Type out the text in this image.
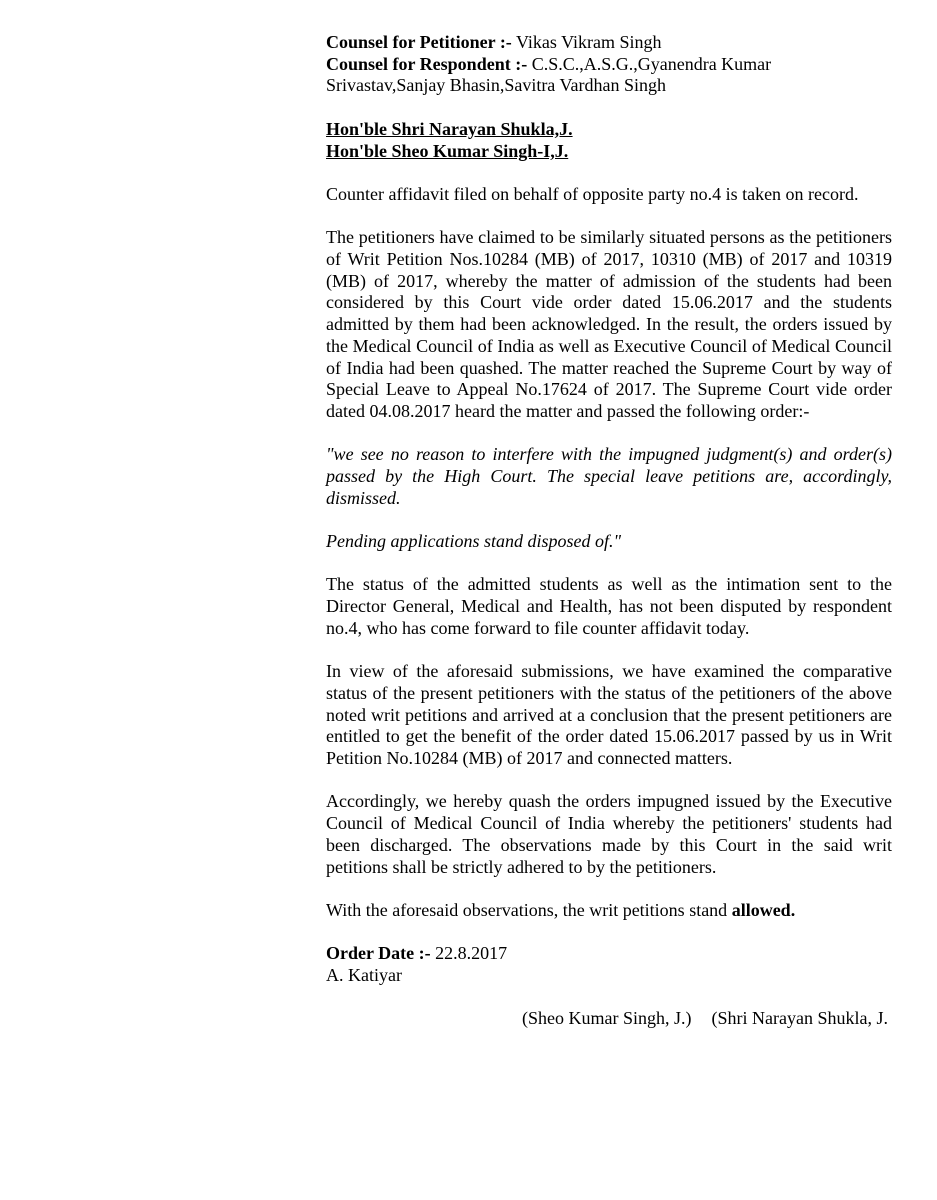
Counsel for Petitioner :- Vikas Vikram Singh
Counsel for Respondent :- C.S.C.,A.S.G.,Gyanendra Kumar Srivastav,Sanjay Bhasin,Savitra Vardhan Singh
Hon'ble Shri Narayan Shukla,J.
Hon'ble Sheo Kumar Singh-I,J.

Counter affidavit filed on behalf of opposite party no.4 is taken on record.

The petitioners have claimed to be similarly situated persons as the petitioners of Writ Petition Nos.10284 (MB) of 2017, 10310 (MB) of 2017 and 10319 (MB) of 2017, whereby the matter of admission of the students had been considered by this Court vide order dated 15.06.2017 and the students admitted by them had been acknowledged. In the result, the orders issued by the Medical Council of India as well as Executive Council of Medical Council of India had been quashed. The matter reached the Supreme Court by way of Special Leave to Appeal No.17624 of 2017. The Supreme Court vide order dated 04.08.2017 heard the matter and passed the following order:-

"we see no reason to interfere with the impugned judgment(s) and order(s) passed by the High Court. The special leave petitions are, accordingly, dismissed.

Pending applications stand disposed of."

The status of the admitted students as well as the intimation sent to the Director General, Medical and Health, has not been disputed by respondent no.4, who has come forward to file counter affidavit today.

In view of the aforesaid submissions, we have examined the comparative status of the present petitioners with the status of the petitioners of the above noted writ petitions and arrived at a conclusion that the present petitioners are entitled to get the benefit of the order dated 15.06.2017 passed by us in Writ Petition No.10284 (MB) of 2017 and connected matters.

Accordingly, we hereby quash the orders impugned issued by the Executive Council of Medical Council of India whereby the petitioners' students had been discharged. The observations made by this Court in the said writ petitions shall be strictly adhered to by the petitioners.

With the aforesaid observations, the writ petitions stand allowed.

Order Date :- 22.8.2017
A. Katiyar
(Sheo Kumar Singh, J.) (Shri Narayan Shukla, J.
